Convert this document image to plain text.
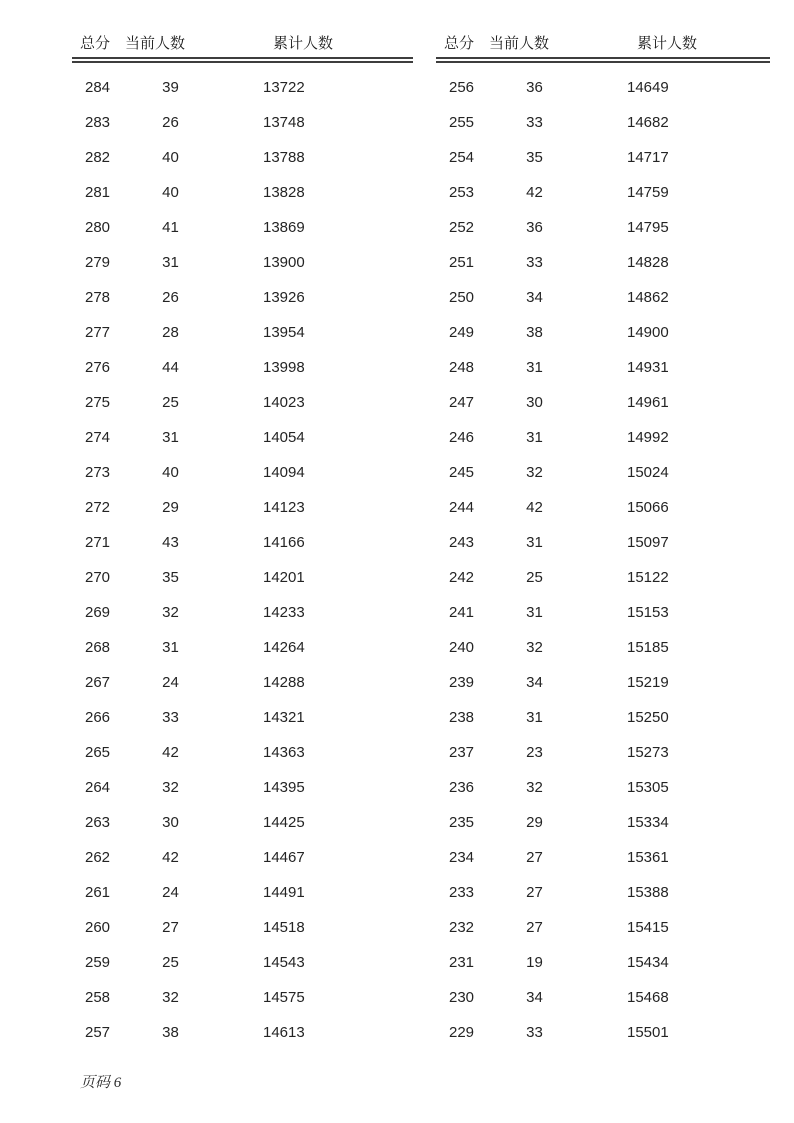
总分 当前人数	累计人数
284	39	13722
283	26	13748
282	40	13788
281	40	13828
280	41	13869
279	31	13900
278	26	13926
277	28	13954
276	44	13998
275	25	14023
274	31	14054
273	40	14094
272	29	14123
271	43	14166
270	35	14201
269	32	14233
268	31	14264
267	24	14288
266	33	14321
265	42	14363
264	32	14395
263	30	14425
262	42	14467
261	24	14491
260	27	14518
259	25	14543
258	32	14575
257	38	14613
总分 当前人数	累计人数
256	36	14649
255	33	14682
254	35	14717
253	42	14759
252	36	14795
251	33	14828
250	34	14862
249	38	14900
248	31	14931
247	30	14961
246	31	14992
245	32	15024
244	42	15066
243	31	15097
242	25	15122
241	31	15153
240	32	15185
239	34	15219
238	31	15250
237	23	15273
236	32	15305
235	29	15334
234	27	15361
233	27	15388
232	27	15415
231	19	15434
230	34	15468
229	33	15501
页码 6
